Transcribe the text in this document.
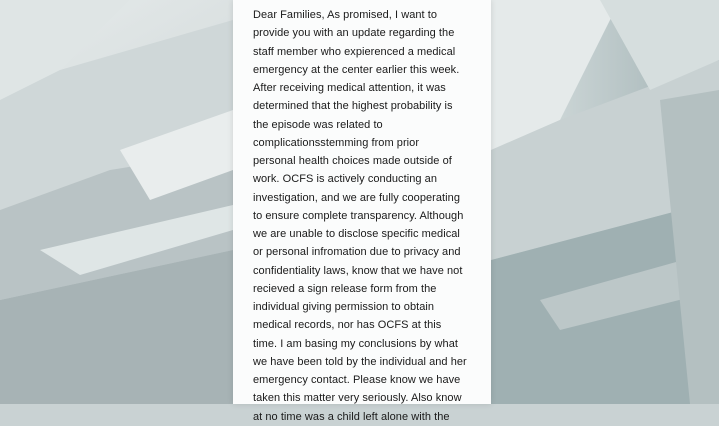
Dear Families, As promised, I want to
provide you with an update regarding the
staff member who expierenced a medical
emergency at the center earlier this week.
After receiving medical attention, it was
determined that the highest probability is
the episode was related to
complicationsstemming from prior
personal health choices made outside of
work. OCFS is actively conducting an
investigation, and we are fully cooperating
to ensure complete transparency. Although
we are unable to disclose specific medical
or personal infromation due to privacy and
confidentiality laws, know that we have not
recieved a sign release form from the
individual giving permission to obtain
medical records, nor has OCFS at this
time. I am basing my conclusions by what
we have been told by the individual and her
emergency contact. Please know we have
taken this matter very seriously. Also know
at no time was a child left alone with the
